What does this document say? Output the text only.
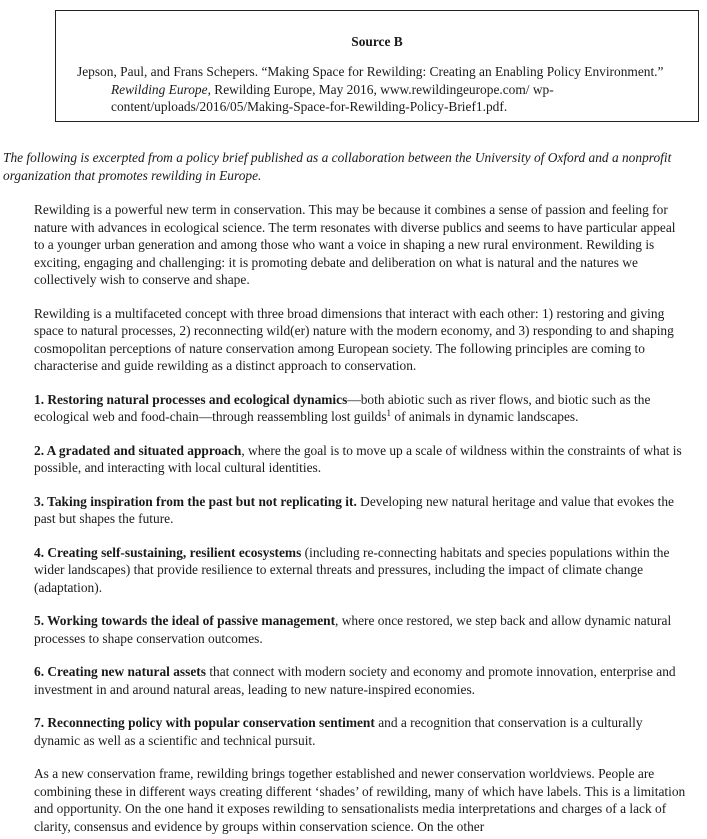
Source B
Jepson, Paul, and Frans Schepers. “Making Space for Rewilding: Creating an Enabling Policy Environment.” Rewilding Europe, Rewilding Europe, May 2016, www.rewildingeurope.com/ wp-content/uploads/2016/05/Making-Space-for-Rewilding-Policy-Brief1.pdf.
The following is excerpted from a policy brief published as a collaboration between the University of Oxford and a nonprofit organization that promotes rewilding in Europe.

Rewilding is a powerful new term in conservation. This may be because it combines a sense of passion and feeling for nature with advances in ecological science. The term resonates with diverse publics and seems to have particular appeal to a younger urban generation and among those who want a voice in shaping a new rural environment. Rewilding is exciting, engaging and challenging: it is promoting debate and deliberation on what is natural and the natures we collectively wish to conserve and shape.

Rewilding is a multifaceted concept with three broad dimensions that interact with each other: 1) restoring and giving space to natural processes, 2) reconnecting wild(er) nature with the modern economy, and 3) responding to and shaping cosmopolitan perceptions of nature conservation among European society. The following principles are coming to characterise and guide rewilding as a distinct approach to conservation.

1. Restoring natural processes and ecological dynamics—both abiotic such as river flows, and biotic such as the ecological web and food-chain—through reassembling lost guilds$^1$ of animals in dynamic landscapes.

2. A gradated and situated approach, where the goal is to move up a scale of wildness within the constraints of what is possible, and interacting with local cultural identities.

3. Taking inspiration from the past but not replicating it. Developing new natural heritage and value that evokes the past but shapes the future.

4. Creating self-sustaining, resilient ecosystems (including re-connecting habitats and species populations within the wider landscapes) that provide resilience to external threats and pressures, including the impact of climate change (adaptation).

5. Working towards the ideal of passive management, where once restored, we step back and allow dynamic natural processes to shape conservation outcomes.

6. Creating new natural assets that connect with modern society and economy and promote innovation, enterprise and investment in and around natural areas, leading to new nature-inspired economies.

7. Reconnecting policy with popular conservation sentiment and a recognition that conservation is a culturally dynamic as well as a scientific and technical pursuit.

As a new conservation frame, rewilding brings together established and newer conservation worldviews. People are combining these in different ways creating different ‘shades’ of rewilding, many of which have labels. This is a limitation and opportunity. On the one hand it exposes rewilding to sensationalists media interpretations and charges of a lack of clarity, consensus and evidence by groups within conservation science. On the other
